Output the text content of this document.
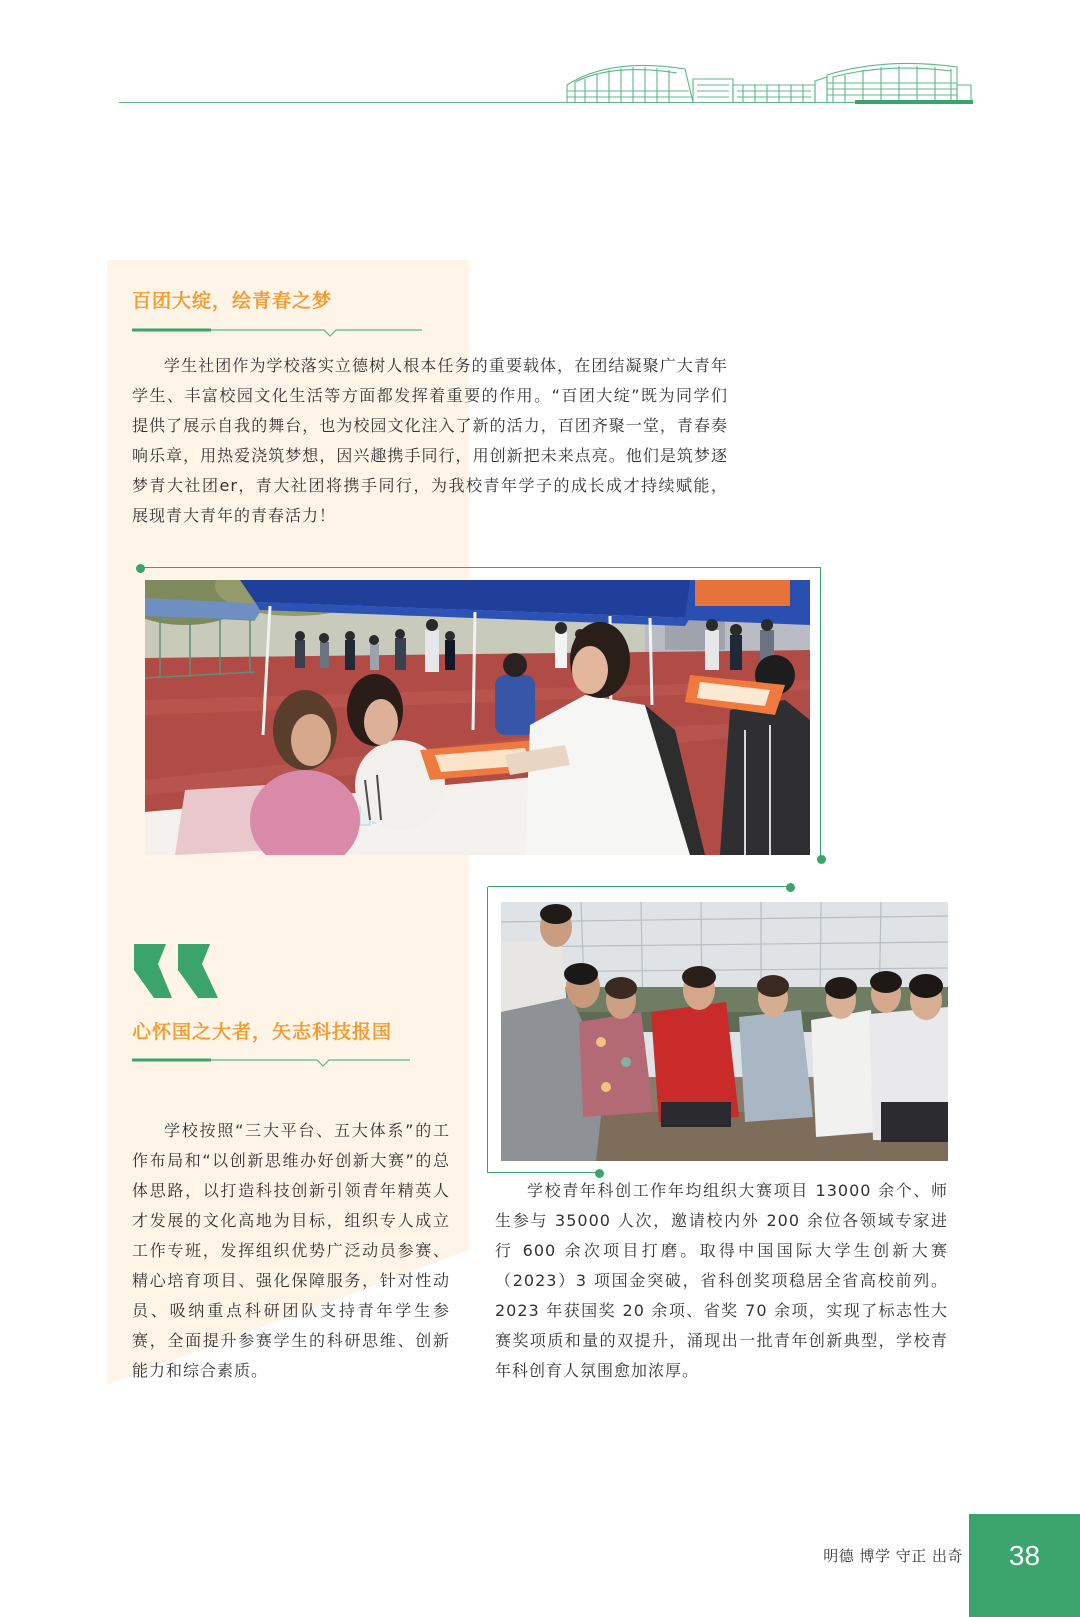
百团大绽，绘青春之梦
学生社团作为学校落实立德树人根本任务的重要载体，在团结凝聚广大青年学生、丰富校园文化生活等方面都发挥着重要的作用。“百团大绽”既为同学们提供了展示自我的舞台，也为校园文化注入了新的活力，百团齐聚一堂，青春奏响乐章，用热爱浇筑梦想，因兴趣携手同行，用创新把未来点亮。他们是筑梦逐梦青大社团er，青大社团将携手同行，为我校青年学子的成长成才持续赋能，展现青大青年的青春活力！
心怀国之大者，矢志科技报国
学校按照“三大平台、五大体系”的工作布局和“以创新思维办好创新大赛”的总体思路，以打造科技创新引领青年精英人才发展的文化高地为目标，组织专人成立工作专班，发挥组织优势广泛动员参赛、精心培育项目、强化保障服务，针对性动员、吸纳重点科研团队支持青年学生参赛，全面提升参赛学生的科研思维、创新能力和综合素质。
学校青年科创工作年均组织大赛项目 13000 余个、师生参与 35000 人次，邀请校内外 200 余位各领域专家进行 600 余次项目打磨。取得中国国际大学生创新大赛（2023）3 项国金突破，省科创奖项稳居全省高校前列。2023 年获国奖 20 余项、省奖 70 余项，实现了标志性大赛奖项质和量的双提升，涌现出一批青年创新典型，学校青年科创育人氛围愈加浓厚。
明德 博学 守正 出奇	38
